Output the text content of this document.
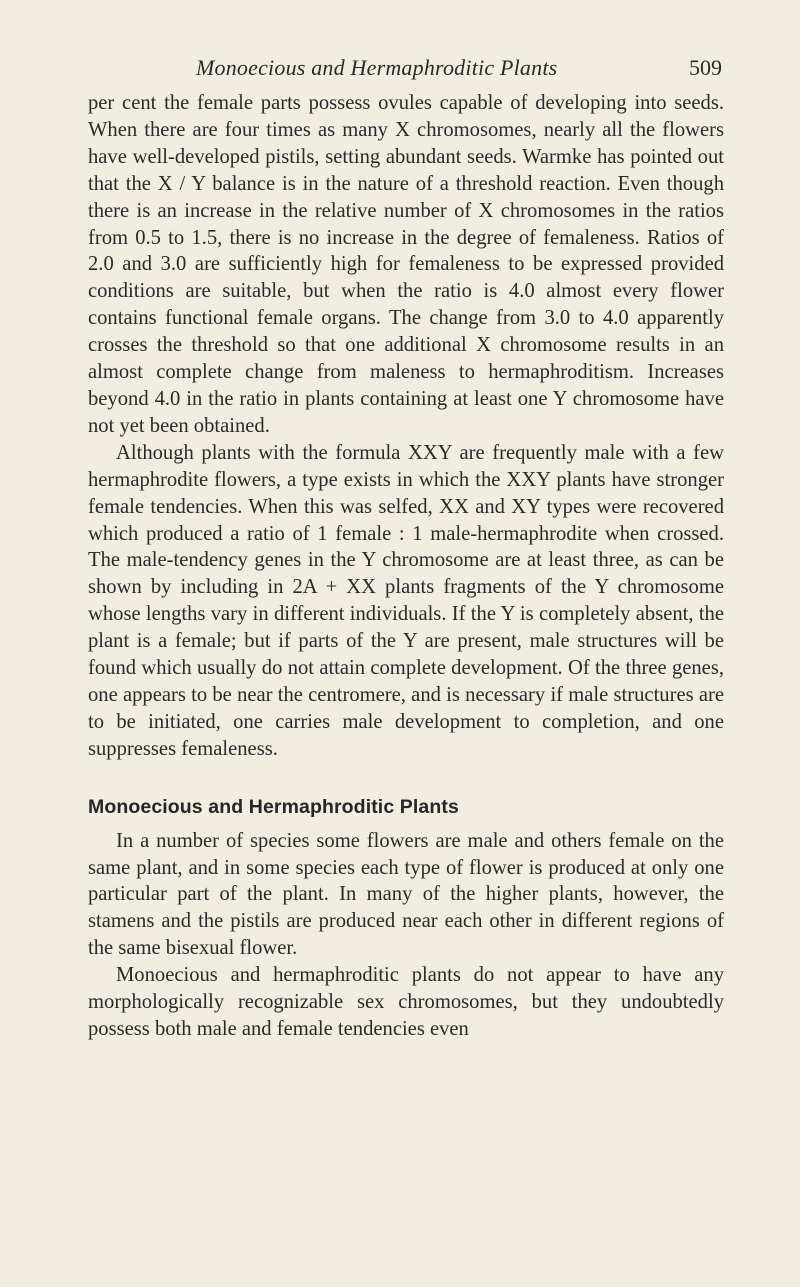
Monoecious and Hermaphroditic Plants	509

per cent the female parts possess ovules capable of developing into seeds. When there are four times as many X chromosomes, nearly all the flowers have well-developed pistils, setting abundant seeds. Warmke has pointed out that the X / Y balance is in the nature of a threshold reaction. Even though there is an increase in the relative number of X chromosomes in the ratios from 0.5 to 1.5, there is no increase in the degree of femaleness. Ratios of 2.0 and 3.0 are sufficiently high for femaleness to be expressed provided conditions are suitable, but when the ratio is 4.0 almost every flower contains functional female organs. The change from 3.0 to 4.0 apparently crosses the threshold so that one additional X chromosome results in an almost complete change from maleness to hermaphroditism. Increases beyond 4.0 in the ratio in plants containing at least one Y chromosome have not yet been obtained.

Although plants with the formula XXY are frequently male with a few hermaphrodite flowers, a type exists in which the XXY plants have stronger female tendencies. When this was selfed, XX and XY types were recovered which produced a ratio of 1 female : 1 male-hermaphrodite when crossed. The male-tendency genes in the Y chromosome are at least three, as can be shown by including in 2A + XX plants fragments of the Y chromosome whose lengths vary in different individuals. If the Y is completely absent, the plant is a female; but if parts of the Y are present, male structures will be found which usually do not attain complete development. Of the three genes, one appears to be near the centromere, and is necessary if male structures are to be initiated, one carries male development to completion, and one suppresses femaleness.

Monoecious and Hermaphroditic Plants

In a number of species some flowers are male and others female on the same plant, and in some species each type of flower is produced at only one particular part of the plant. In many of the higher plants, however, the stamens and the pistils are produced near each other in different regions of the same bisexual flower.

Monoecious and hermaphroditic plants do not appear to have any morphologically recognizable sex chromosomes, but they undoubtedly possess both male and female tendencies even
